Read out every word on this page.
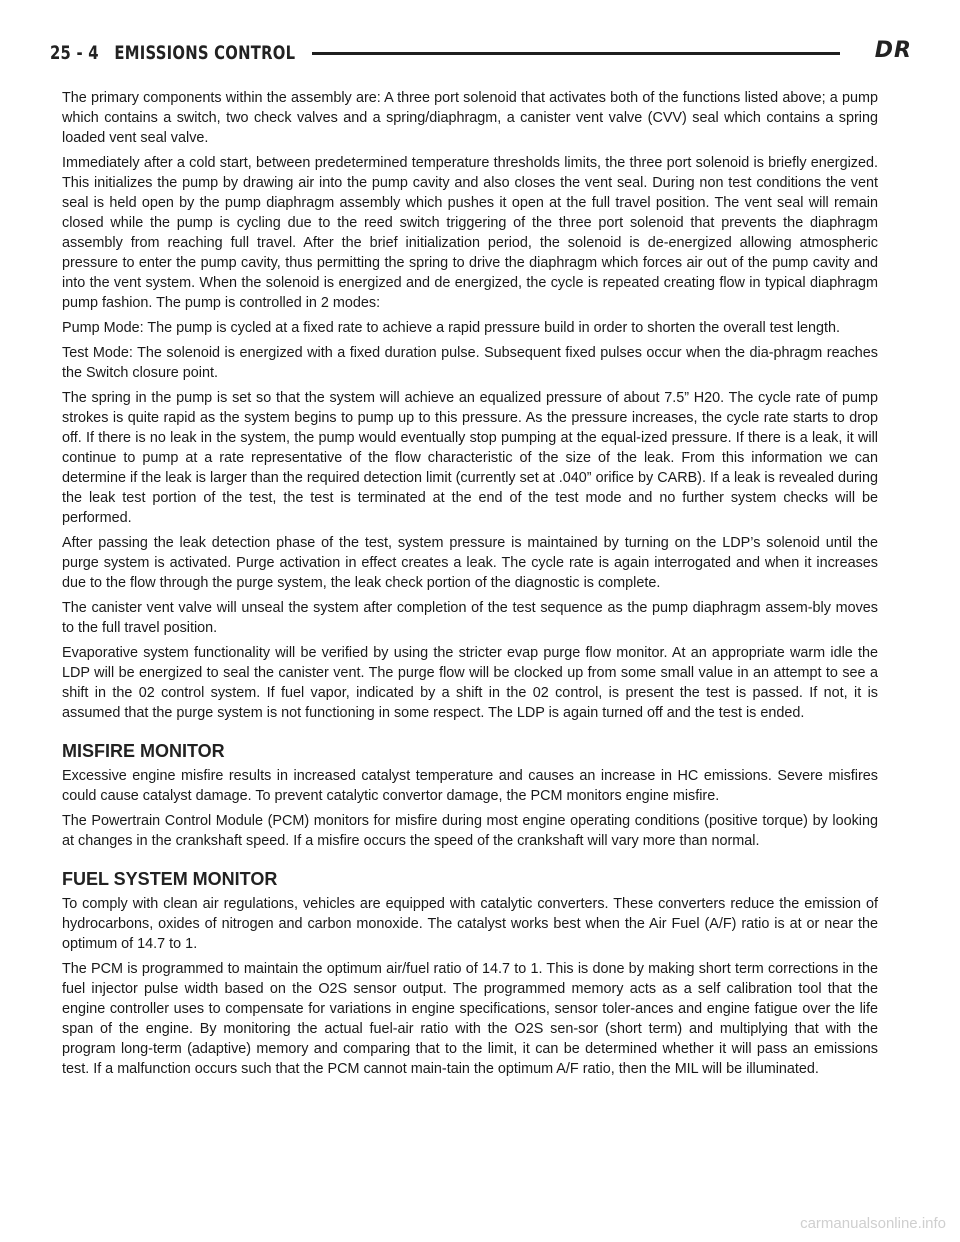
25 - 4 EMISSIONS CONTROL	DR

The primary components within the assembly are: A three port solenoid that activates both of the functions listed above; a pump which contains a switch, two check valves and a spring/diaphragm, a canister vent valve (CVV) seal which contains a spring loaded vent seal valve.

Immediately after a cold start, between predetermined temperature thresholds limits, the three port solenoid is briefly energized. This initializes the pump by drawing air into the pump cavity and also closes the vent seal. During non test conditions the vent seal is held open by the pump diaphragm assembly which pushes it open at the full travel position. The vent seal will remain closed while the pump is cycling due to the reed switch triggering of the three port solenoid that prevents the diaphragm assembly from reaching full travel. After the brief initialization period, the solenoid is de-energized allowing atmospheric pressure to enter the pump cavity, thus permitting the spring to drive the diaphragm which forces air out of the pump cavity and into the vent system. When the solenoid is energized and de energized, the cycle is repeated creating flow in typical diaphragm pump fashion. The pump is controlled in 2 modes:

Pump Mode: The pump is cycled at a fixed rate to achieve a rapid pressure build in order to shorten the overall test length.

Test Mode: The solenoid is energized with a fixed duration pulse. Subsequent fixed pulses occur when the dia-phragm reaches the Switch closure point.

The spring in the pump is set so that the system will achieve an equalized pressure of about 7.5” H20. The cycle rate of pump strokes is quite rapid as the system begins to pump up to this pressure. As the pressure increases, the cycle rate starts to drop off. If there is no leak in the system, the pump would eventually stop pumping at the equal-ized pressure. If there is a leak, it will continue to pump at a rate representative of the flow characteristic of the size of the leak. From this information we can determine if the leak is larger than the required detection limit (currently set at .040” orifice by CARB). If a leak is revealed during the leak test portion of the test, the test is terminated at the end of the test mode and no further system checks will be performed.

After passing the leak detection phase of the test, system pressure is maintained by turning on the LDP’s solenoid until the purge system is activated. Purge activation in effect creates a leak. The cycle rate is again interrogated and when it increases due to the flow through the purge system, the leak check portion of the diagnostic is complete.

The canister vent valve will unseal the system after completion of the test sequence as the pump diaphragm assem-bly moves to the full travel position.

Evaporative system functionality will be verified by using the stricter evap purge flow monitor. At an appropriate warm idle the LDP will be energized to seal the canister vent. The purge flow will be clocked up from some small value in an attempt to see a shift in the 02 control system. If fuel vapor, indicated by a shift in the 02 control, is present the test is passed. If not, it is assumed that the purge system is not functioning in some respect. The LDP is again turned off and the test is ended.

MISFIRE MONITOR

Excessive engine misfire results in increased catalyst temperature and causes an increase in HC emissions. Severe misfires could cause catalyst damage. To prevent catalytic convertor damage, the PCM monitors engine misfire.

The Powertrain Control Module (PCM) monitors for misfire during most engine operating conditions (positive torque) by looking at changes in the crankshaft speed. If a misfire occurs the speed of the crankshaft will vary more than normal.

FUEL SYSTEM MONITOR

To comply with clean air regulations, vehicles are equipped with catalytic converters. These converters reduce the emission of hydrocarbons, oxides of nitrogen and carbon monoxide. The catalyst works best when the Air Fuel (A/F) ratio is at or near the optimum of 14.7 to 1.

The PCM is programmed to maintain the optimum air/fuel ratio of 14.7 to 1. This is done by making short term corrections in the fuel injector pulse width based on the O2S sensor output. The programmed memory acts as a self calibration tool that the engine controller uses to compensate for variations in engine specifications, sensor toler-ances and engine fatigue over the life span of the engine. By monitoring the actual fuel-air ratio with the O2S sen-sor (short term) and multiplying that with the program long-term (adaptive) memory and comparing that to the limit, it can be determined whether it will pass an emissions test. If a malfunction occurs such that the PCM cannot main-tain the optimum A/F ratio, then the MIL will be illuminated.

carmanualsonline.info
